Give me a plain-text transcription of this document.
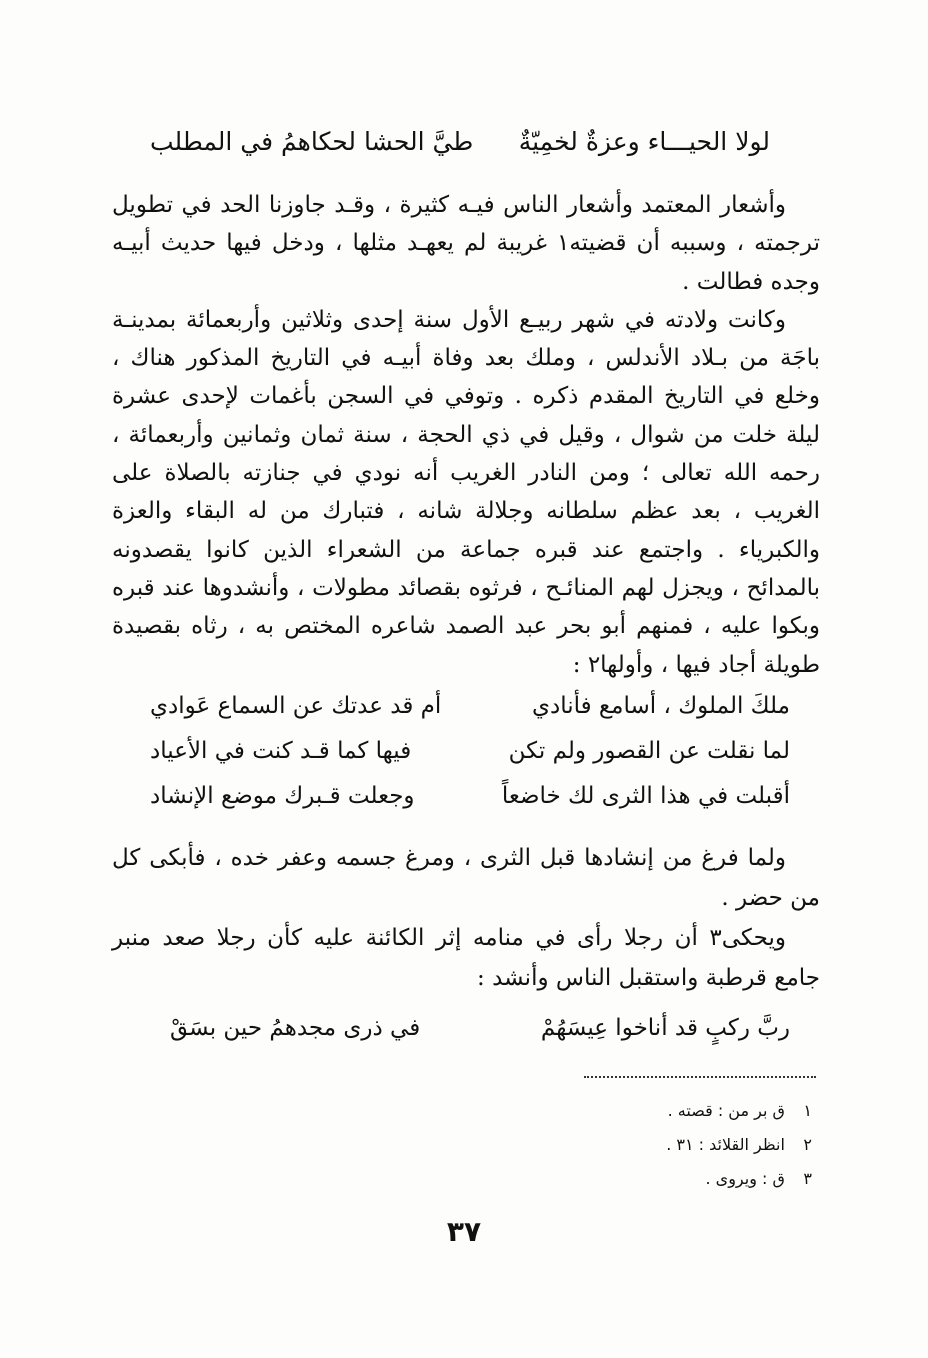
لولا الحيـــاء وعزةٌ لخمِيّةٌ
طيَّ الحشا لحكاهمُ في المطلب

وأشعار المعتمد وأشعار الناس فيـه كثيرة ، وقـد جاوزنا الحد في تطويل ترجمته ، وسببه أن قضيته١ غريبة لم يعهـد مثلها ، ودخل فيها حديث أبيـه وجده فطالت .

وكانت ولادته في شهر ربيـع الأول سنة إحدى وثلاثين وأربعمائة بمدينـة باجَة من بـلاد الأندلس ، وملك بعد وفاة أبيـه في التاريخ المذكور هناك ، وخلع في التاريخ المقدم ذكره . وتوفي في السجن بأغمات لإحدى عشرة ليلة خلت من شوال ، وقيل في ذي الحجة ، سنة ثمان وثمانين وأربعمائة ، رحمه الله تعالى ؛ ومن النادر الغريب أنه نودي في جنازته بالصلاة على الغريب ، بعد عظم سلطانه وجلالة شانه ، فتبارك من له البقاء والعزة والكبرياء . واجتمع عند قبره جماعة من الشعراء الذين كانوا يقصدونه بالمدائح ، ويجزل لهم المنائـح ، فرثوه بقصائد مطولات ، وأنشدوها عند قبره وبكوا عليه ، فمنهم أبو بحر عبد الصمد شاعره المختص به ، رثاه بقصيدة طويلة أجاد فيها ، وأولها٢ :

ملكَ الملوك ، أسامع فأنادي
أم قد عدتك عن السماع عَوادي
لما نقلت عن القصور ولم تكن
فيها كما قـد كنت في الأعياد
أقبلت في هذا الثرى لك خاضعاً
وجعلت قـبرك موضع الإنشاد

ولما فرغ من إنشادها قبل الثرى ، ومرغ جسمه وعفر خده ، فأبكى كل من حضر .

ويحكى٣ أن رجلا رأى في منامه إثر الكائنة عليه كأن رجلا صعد منبر جامع قرطبة واستقبل الناس وأنشد :

ربَّ ركبٍ قد أناخوا عِيسَهُمْ
في ذرى مجدهمُ حين بسَقْ
١ ق بر من : قصته .
٢ انظر القلائد : ٣١ .
٣ ق : ويروى .
٣٧
